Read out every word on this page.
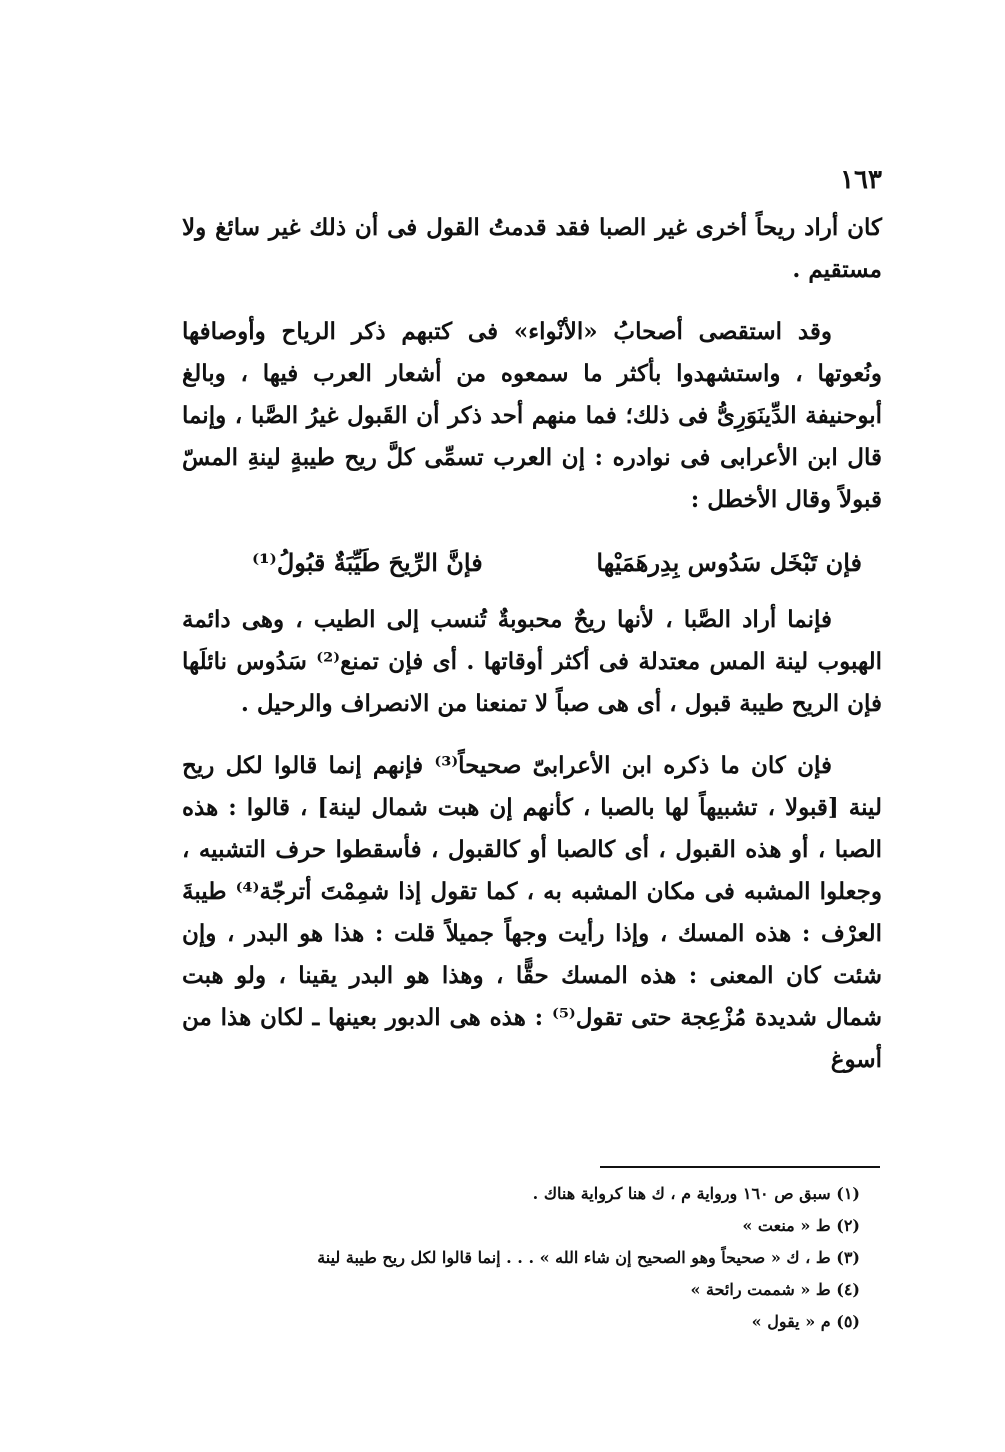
١٦٣

كان أراد ريحاً أخرى غير الصبا فقد قدمتُ القول فى أن ذلك غير سائغ ولا مستقيم .

وقد استقصى أصحابُ «الأنْواء» فى كتبهم ذكر الرياح وأوصافها ونُعوتها ، واستشهدوا بأكثر ما سمعوه من أشعار العرب فيها ، وبالغ أبوحنيفة الدِّينَوَرِىُّ فى ذلك؛ فما منهم أحد ذكر أن القَبول غيرُ الصَّبا ، وإنما قال ابن الأعرابى فى نوادره : إن العرب تسمِّى كلَّ ريح طيبةٍ لينةِ المسّ قبولاً وقال الأخطل :

فإن تَبْخَل سَدُوس بِدِرهَمَيْها
فإنَّ الرِّيحَ طَيِّبَةٌ قبُولُ⁽¹⁾

فإنما أراد الصَّبا ، لأنها ريحٌ محبوبةٌ تُنسب إلى الطيب ، وهى دائمة الهبوب لينة المس معتدلة فى أكثر أوقاتها . أى فإن تمنع⁽²⁾ سَدُوس نائلَها فإن الريح طيبة قبول ، أى هى صباً لا تمنعنا من الانصراف والرحيل .

فإن كان ما ذكره ابن الأعرابىّ صحيحاً⁽³⁾ فإنهم إنما قالوا لكل ريح لينة [قبولا ، تشبيهاً لها بالصبا ، كأنهم إن هبت شمال لينة] ، قالوا : هذه الصبا ، أو هذه القبول ، أى كالصبا أو كالقبول ، فأسقطوا حرف التشبيه ، وجعلوا المشبه فى مكان المشبه به ، كما تقول إذا شمِمْتَ أترجّة⁽⁴⁾ طيبةَ العرْف : هذه المسك ، وإذا رأيت وجهاً جميلاً قلت : هذا هو البدر ، وإن شئت كان المعنى : هذه المسك حقًّا ، وهذا هو البدر يقينا ، ولو هبت شمال شديدة مُزْعِجة حتى تقول⁽⁵⁾ : هذه هى الدبور بعينها ـ لكان هذا من أسوغ

(١) سبق ص ١٦٠ ورواية م ، ك هنا كرواية هناك .
(٢) ط « منعت »
(٣) ط ، ك « صحيحاً وهو الصحيح إن شاء الله » . . . إنما قالوا لكل ريح طيبة لينة
(٤) ط « شممت رائحة »
(٥) م « يقول »
